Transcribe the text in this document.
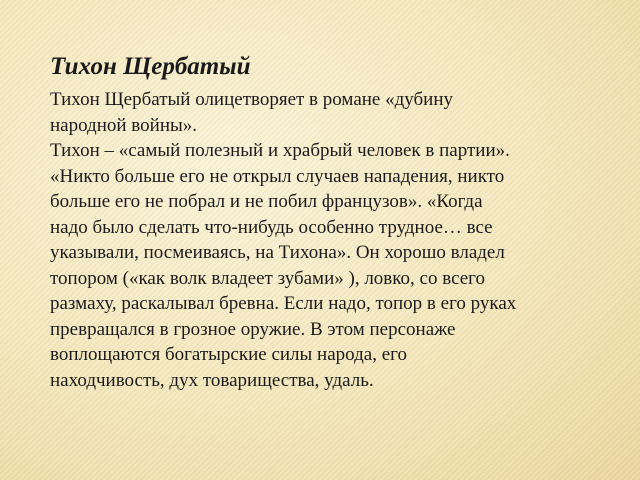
Тихон Щербатый
Тихон Щербатый олицетворяет в романе «дубину
народной войны».
Тихон – «самый полезный и храбрый человек в партии».
«Никто больше его не открыл случаев нападения, никто
больше его не побрал и не побил французов». «Когда
надо было сделать что-нибудь особенно трудное… все
указывали, посмеиваясь, на Тихона». Он хорошо владел
топором («как волк владеет зубами» ), ловко, со всего
размаху, раскалывал бревна. Если надо, топор в его руках
превращался в грозное оружие. В этом персонаже
воплощаются богатырские силы народа, его
находчивость, дух товарищества, удаль.
